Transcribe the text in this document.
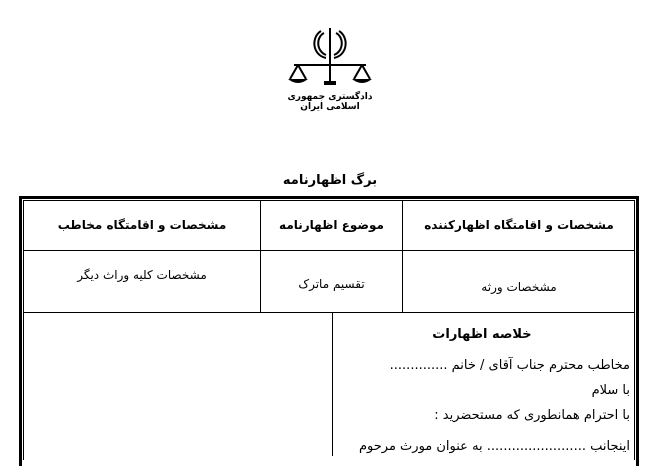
دادگستری جمهوری اسلامی ایران
برگ اظهارنامه
مشخصات و اقامتگاه اظهارکننده
موضوع اظهارنامه
مشخصات و اقامتگاه مخاطب
مشخصات ورثه
تقسیم ماترک
مشخصات کلیه وراث دیگر
خلاصه اظهارات
مخاطب محترم جناب آقای / خانم ..............
با سلام
با احترام همانطوری که مستحضرید :
اینجانب ........................ به عنوان مورث مرحوم
